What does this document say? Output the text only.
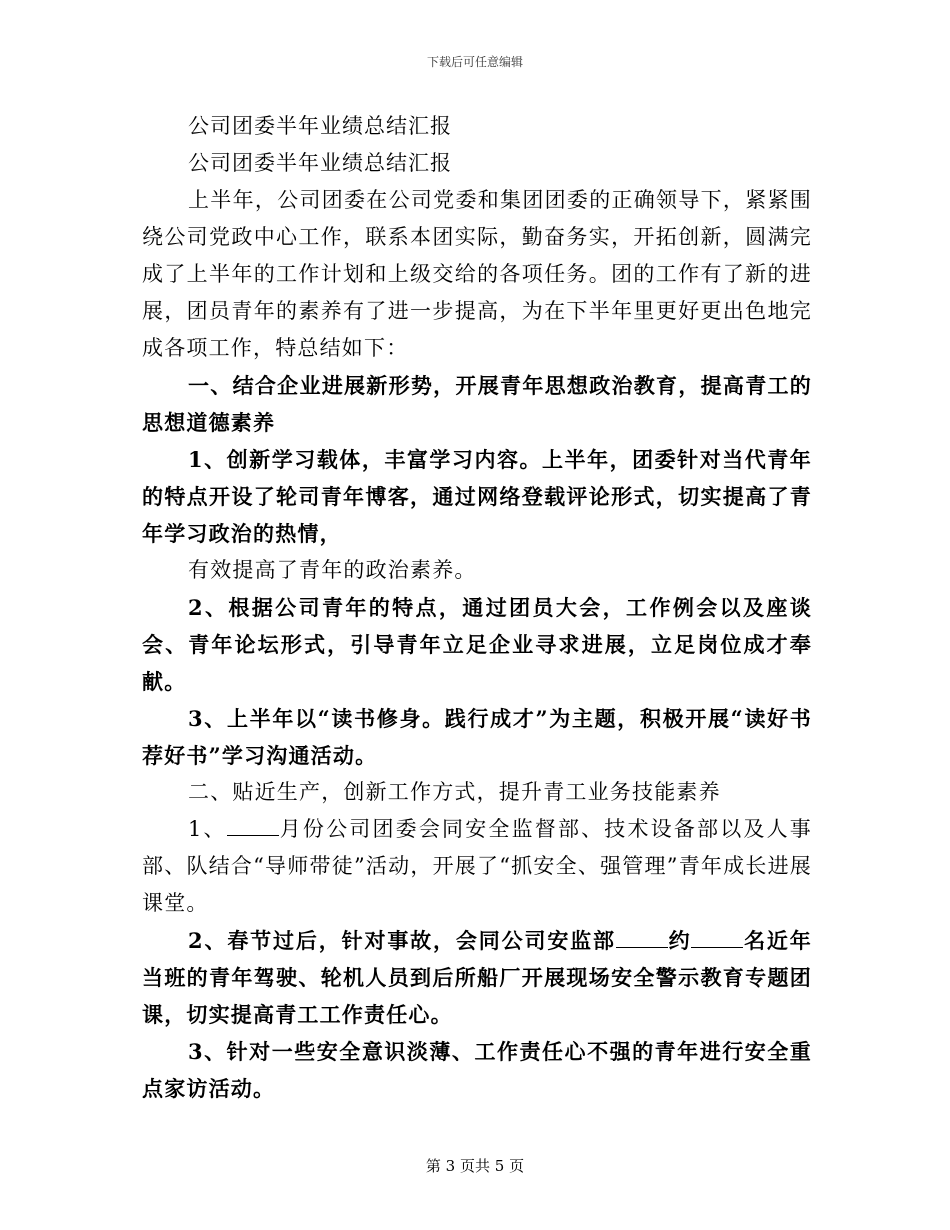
下载后可任意编辑

公司团委半年业绩总结汇报

公司团委半年业绩总结汇报

上半年，公司团委在公司党委和集团团委的正确领导下，紧紧围绕公司党政中心工作，联系本团实际，勤奋务实，开拓创新，圆满完成了上半年的工作计划和上级交给的各项任务。团的工作有了新的进展，团员青年的素养有了进一步提高，为在下半年里更好更出色地完成各项工作，特总结如下：

一、结合企业进展新形势，开展青年思想政治教育，提高青工的思想道德素养

1、创新学习载体，丰富学习内容。上半年，团委针对当代青年的特点开设了轮司青年博客，通过网络登载评论形式，切实提高了青年学习政治的热情，

有效提高了青年的政治素养。

2、根据公司青年的特点，通过团员大会，工作例会以及座谈会、青年论坛形式，引导青年立足企业寻求进展，立足岗位成才奉献。

3、上半年以“读书修身。践行成才”为主题，积极开展“读好书荐好书”学习沟通活动。

二、贴近生产，创新工作方式，提升青工业务技能素养

1、 月份公司团委会同安全监督部、技术设备部以及人事部、队结合“导师带徒”活动，开展了“抓安全、强管理”青年成长进展课堂。

2、春节过后，针对事故，会同公司安监部 约 名近年当班的青年驾驶、轮机人员到后所船厂开展现场安全警示教育专题团课，切实提高青工工作责任心。

3、针对一些安全意识淡薄、工作责任心不强的青年进行安全重点家访活动。

第 3 页共 5 页
